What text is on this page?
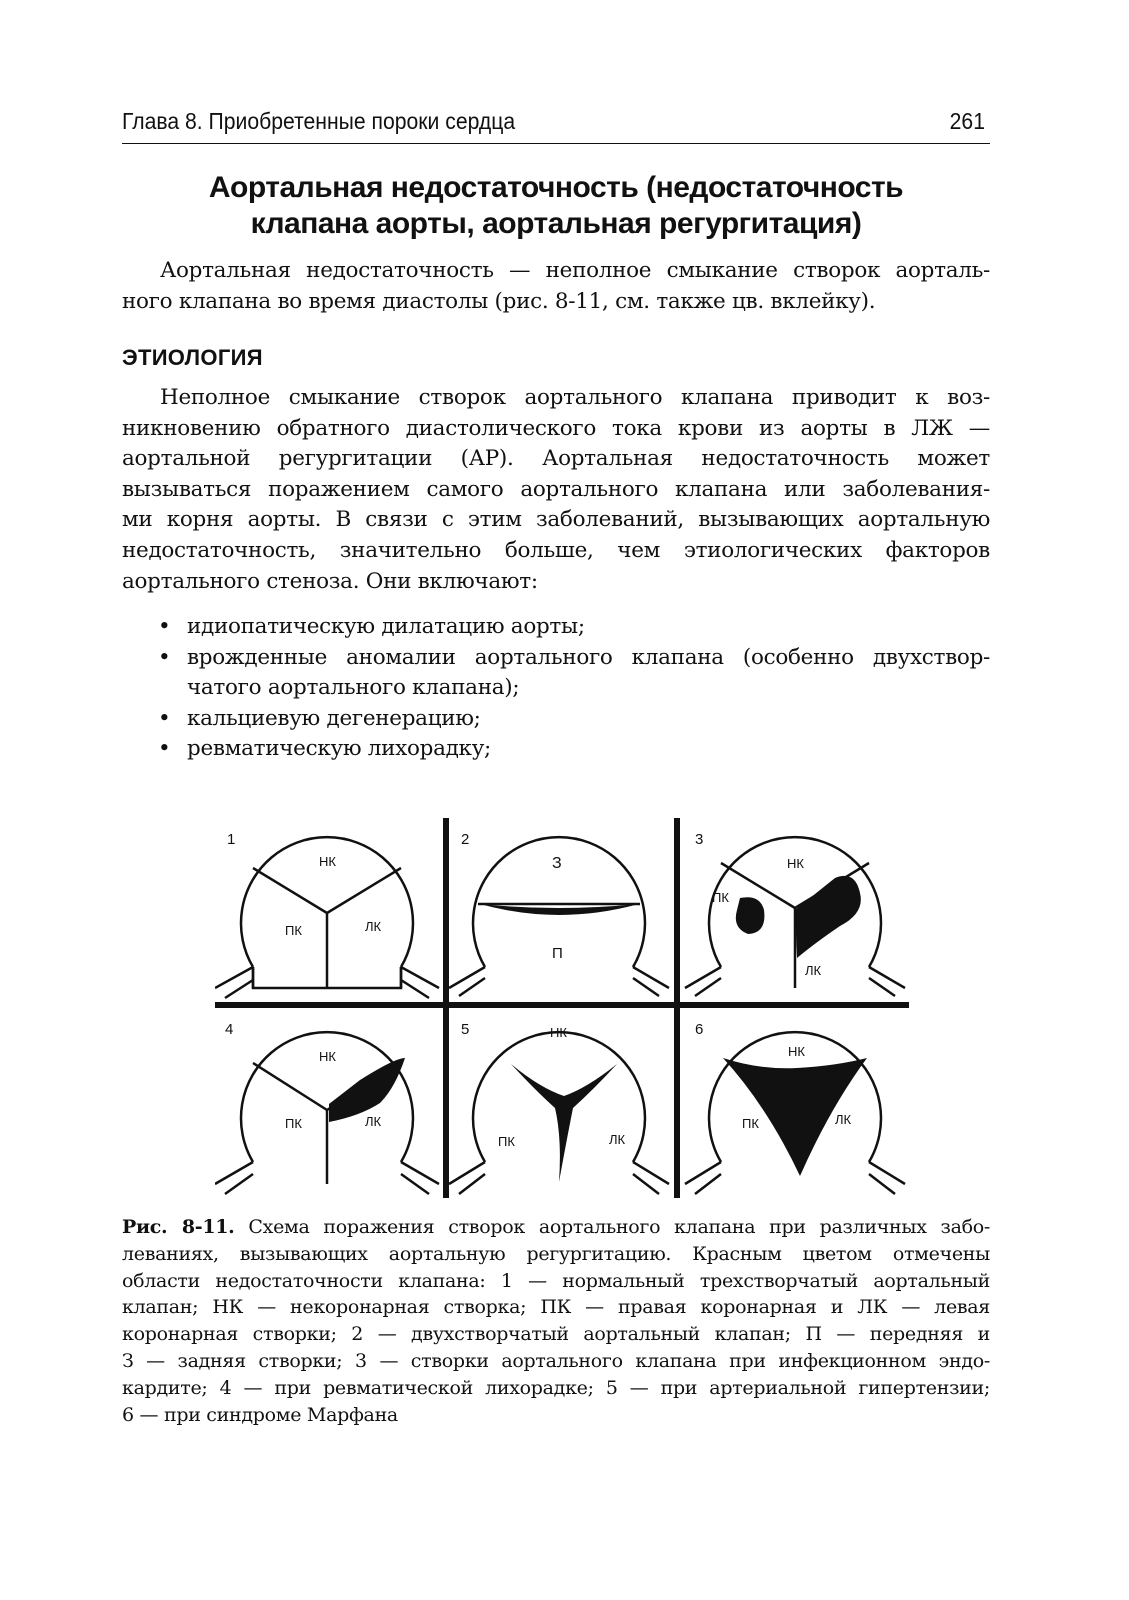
Глава 8. Приобретенные пороки сердца	261
Аортальная недостаточность (недостаточность
клапана аорты, аортальная регургитация)
Аортальная недостаточность — неполное смыкание створок аорталь-
ного клапана во время диастолы (рис. 8-11, см. также цв. вклейку).
ЭТИОЛОГИЯ
Неполное смыкание створок аортального клапана приводит к воз-
никновению обратного диастолического тока крови из аорты в ЛЖ —
аортальной регургитации (АР). Аортальная недостаточность может
вызываться поражением самого аортального клапана или заболевания-
ми корня аорты. В связи с этим заболеваний, вызывающих аортальную
недостаточность, значительно больше, чем этиологических факторов
аортального стеноза. Они включают:
• идиопатическую дилатацию аорты;
• врожденные аномалии аортального клапана (особенно двухствор-
чатого аортального клапана);
• кальциевую дегенерацию;
• ревматическую лихорадку;
1
НК
ПК	ЛК
2
З
П
3
НК
ПК
ЛК
4
НК
ПК	ЛК
5	НК
ПК	ЛК
6
НК
ПК	ЛК
Рис. 8-11. Схема поражения створок аортального клапана при различных забо-
леваниях, вызывающих аортальную регургитацию. Красным цветом отмечены
области недостаточности клапана: 1 — нормальный трехстворчатый аортальный
клапан; НК — некоронарная створка; ПК — правая коронарная и ЛК — левая
коронарная створки; 2 — двухстворчатый аортальный клапан; П — передняя и
З — задняя створки; 3 — створки аортального клапана при инфекционном эндо-
кардите; 4 — при ревматической лихорадке; 5 — при артериальной гипертензии;
6 — при синдроме Марфана
